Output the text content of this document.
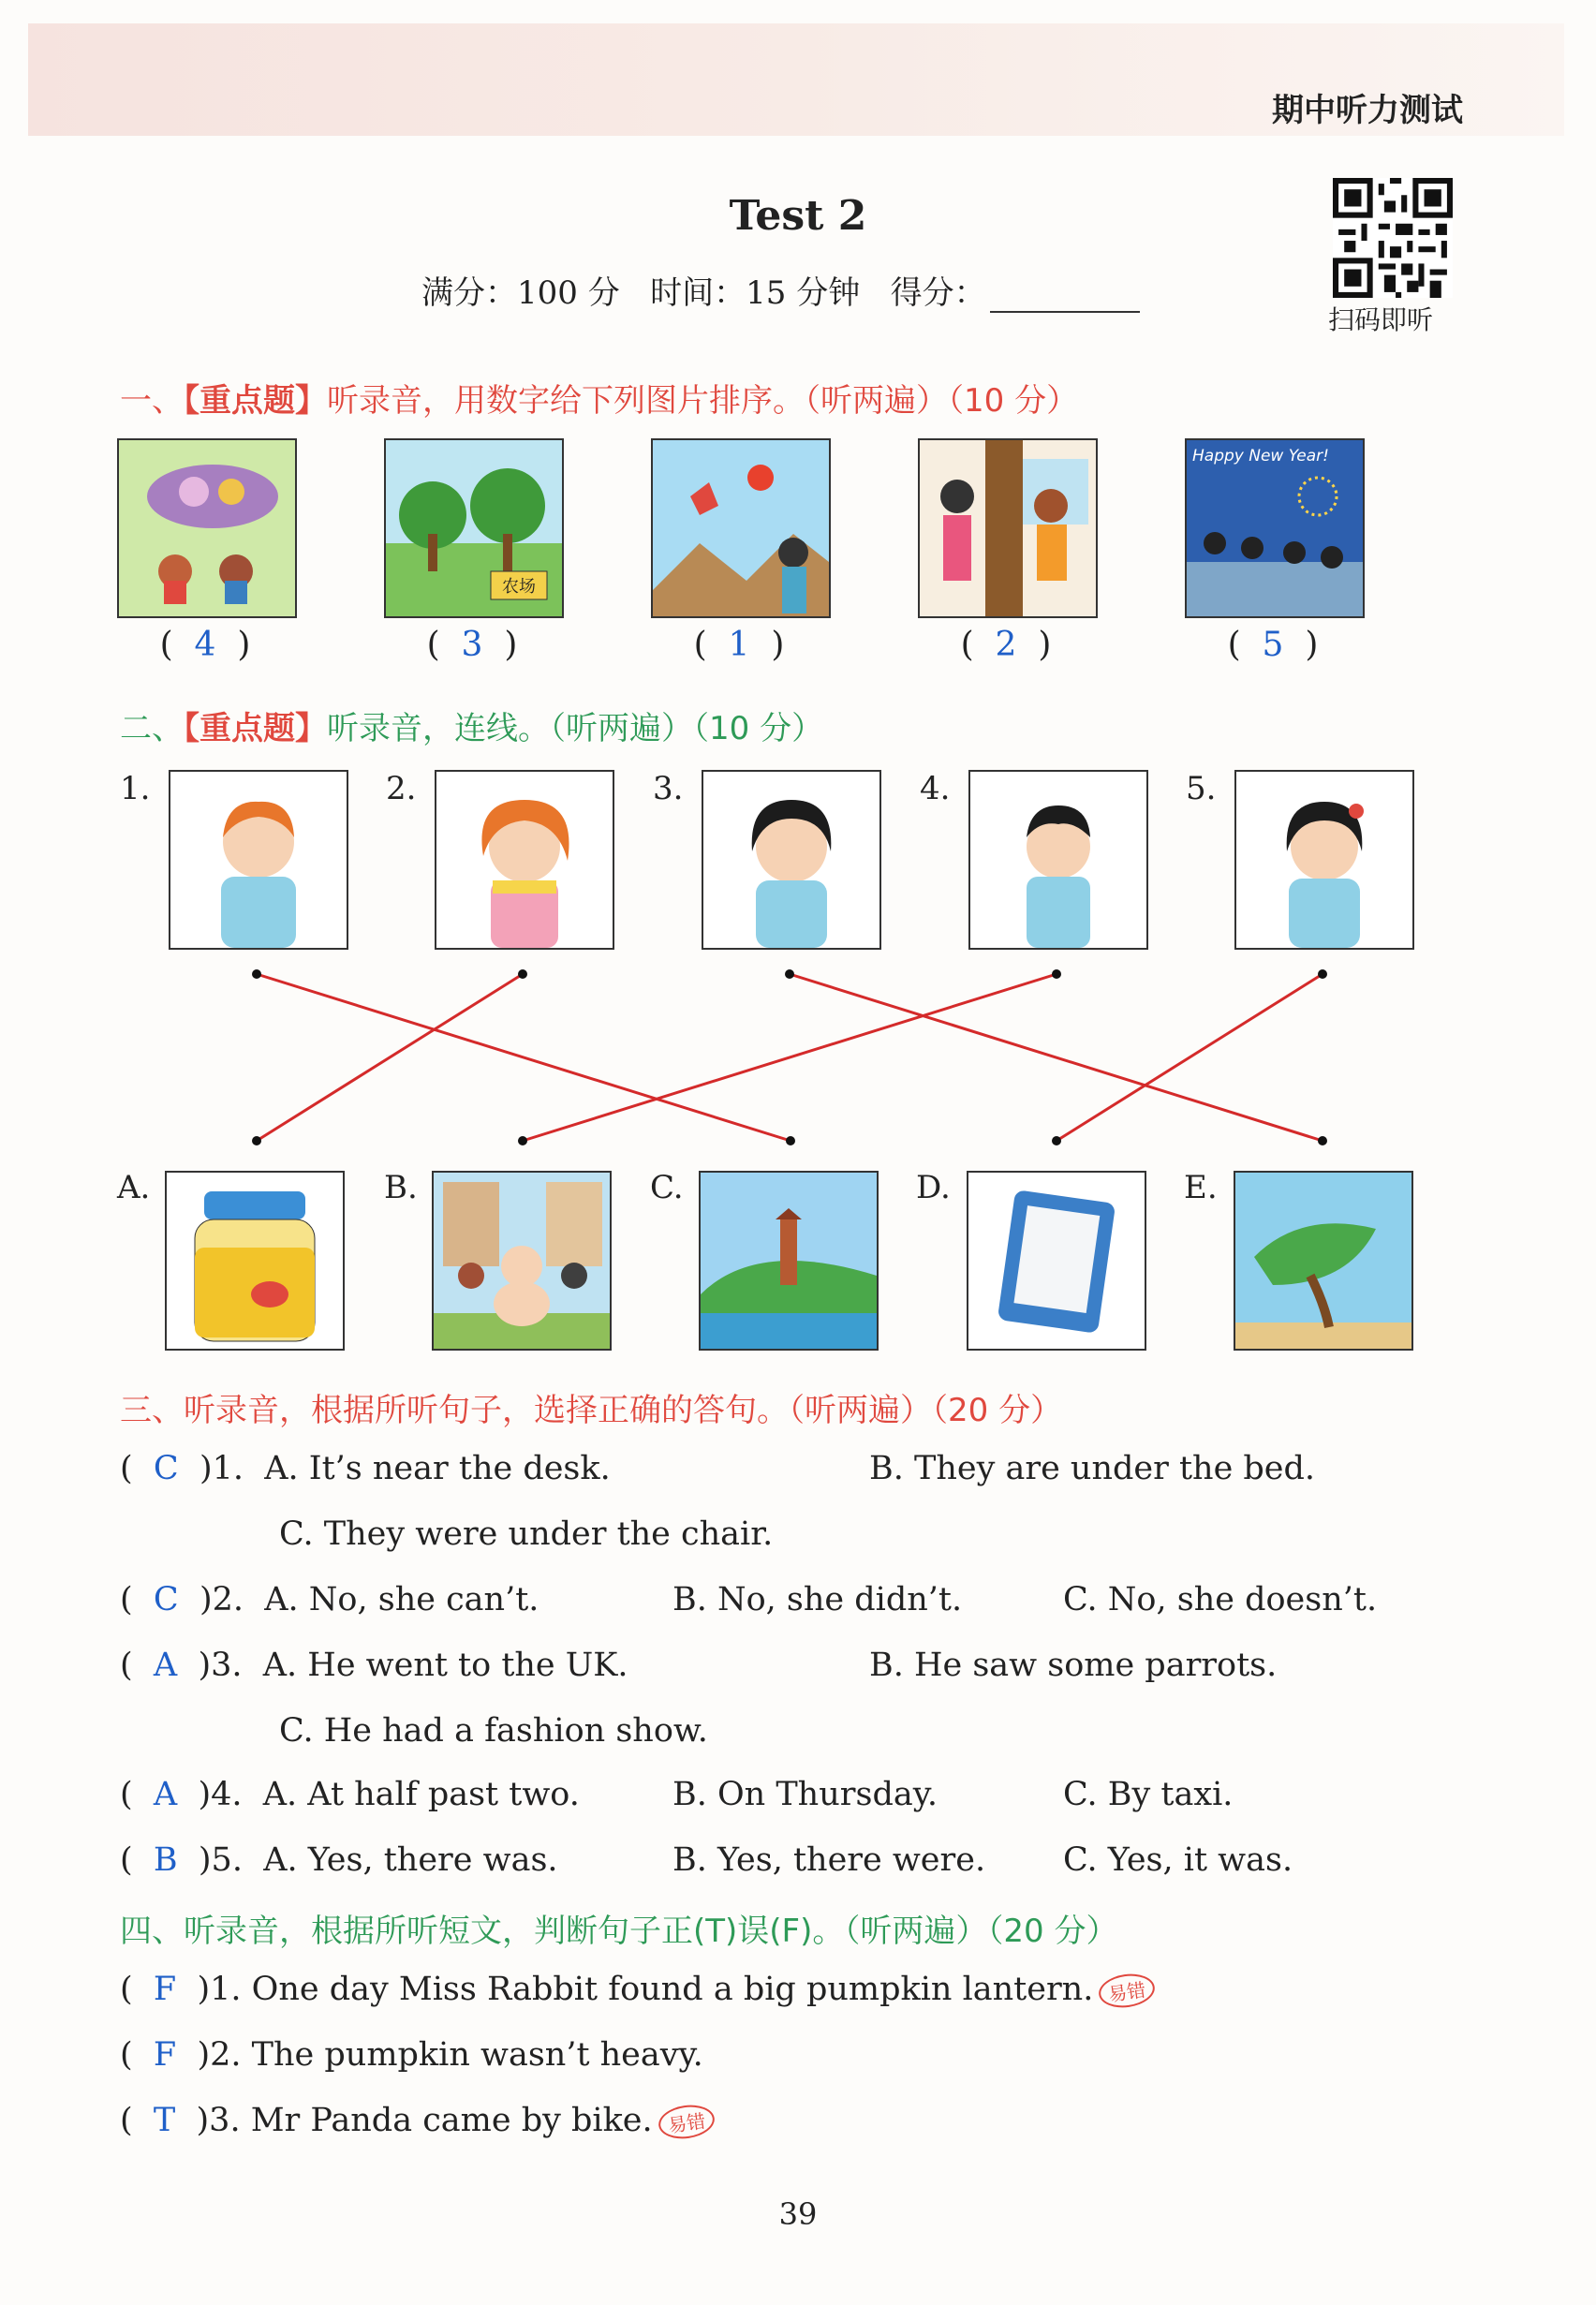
期中听力测试
Test 2
满分：100 分 时间：15 分钟 得分：
扫码即听
一、【重点题】听录音，用数字给下列图片排序。（听两遍）（10 分）
农场
Happy New Year!
(  4  )	(  3  )	(  1  )	(  2  )	(  5  )
二、【重点题】听录音，连线。（听两遍）（10 分）
1.	2.	3.	4.	5.
A.	B.	C.	D.	E.
三、听录音，根据所听句子，选择正确的答句。（听两遍）（20 分）
(  C  )1. A. It’s near the desk.	B. They are under the bed.
C. They were under the chair.
(  C  )2. A. No, she can’t.	B. No, she didn’t.	C. No, she doesn’t.
(  A  )3. A. He went to the UK.	B. He saw some parrots.
C. He had a fashion show.
(  A  )4. A. At half past two.	B. On Thursday.	C. By taxi.
(  B  )5. A. Yes, there was.	B. Yes, there were. C. Yes, it was.
四、听录音，根据所听短文，判断句子正(T)误(F)。（听两遍）（20 分）
(  F  )1. One day Miss Rabbit found a big pumpkin lantern. 易错
(  F  )2. The pumpkin wasn’t heavy.
(  T  )3. Mr Panda came by bike. 易错
39
